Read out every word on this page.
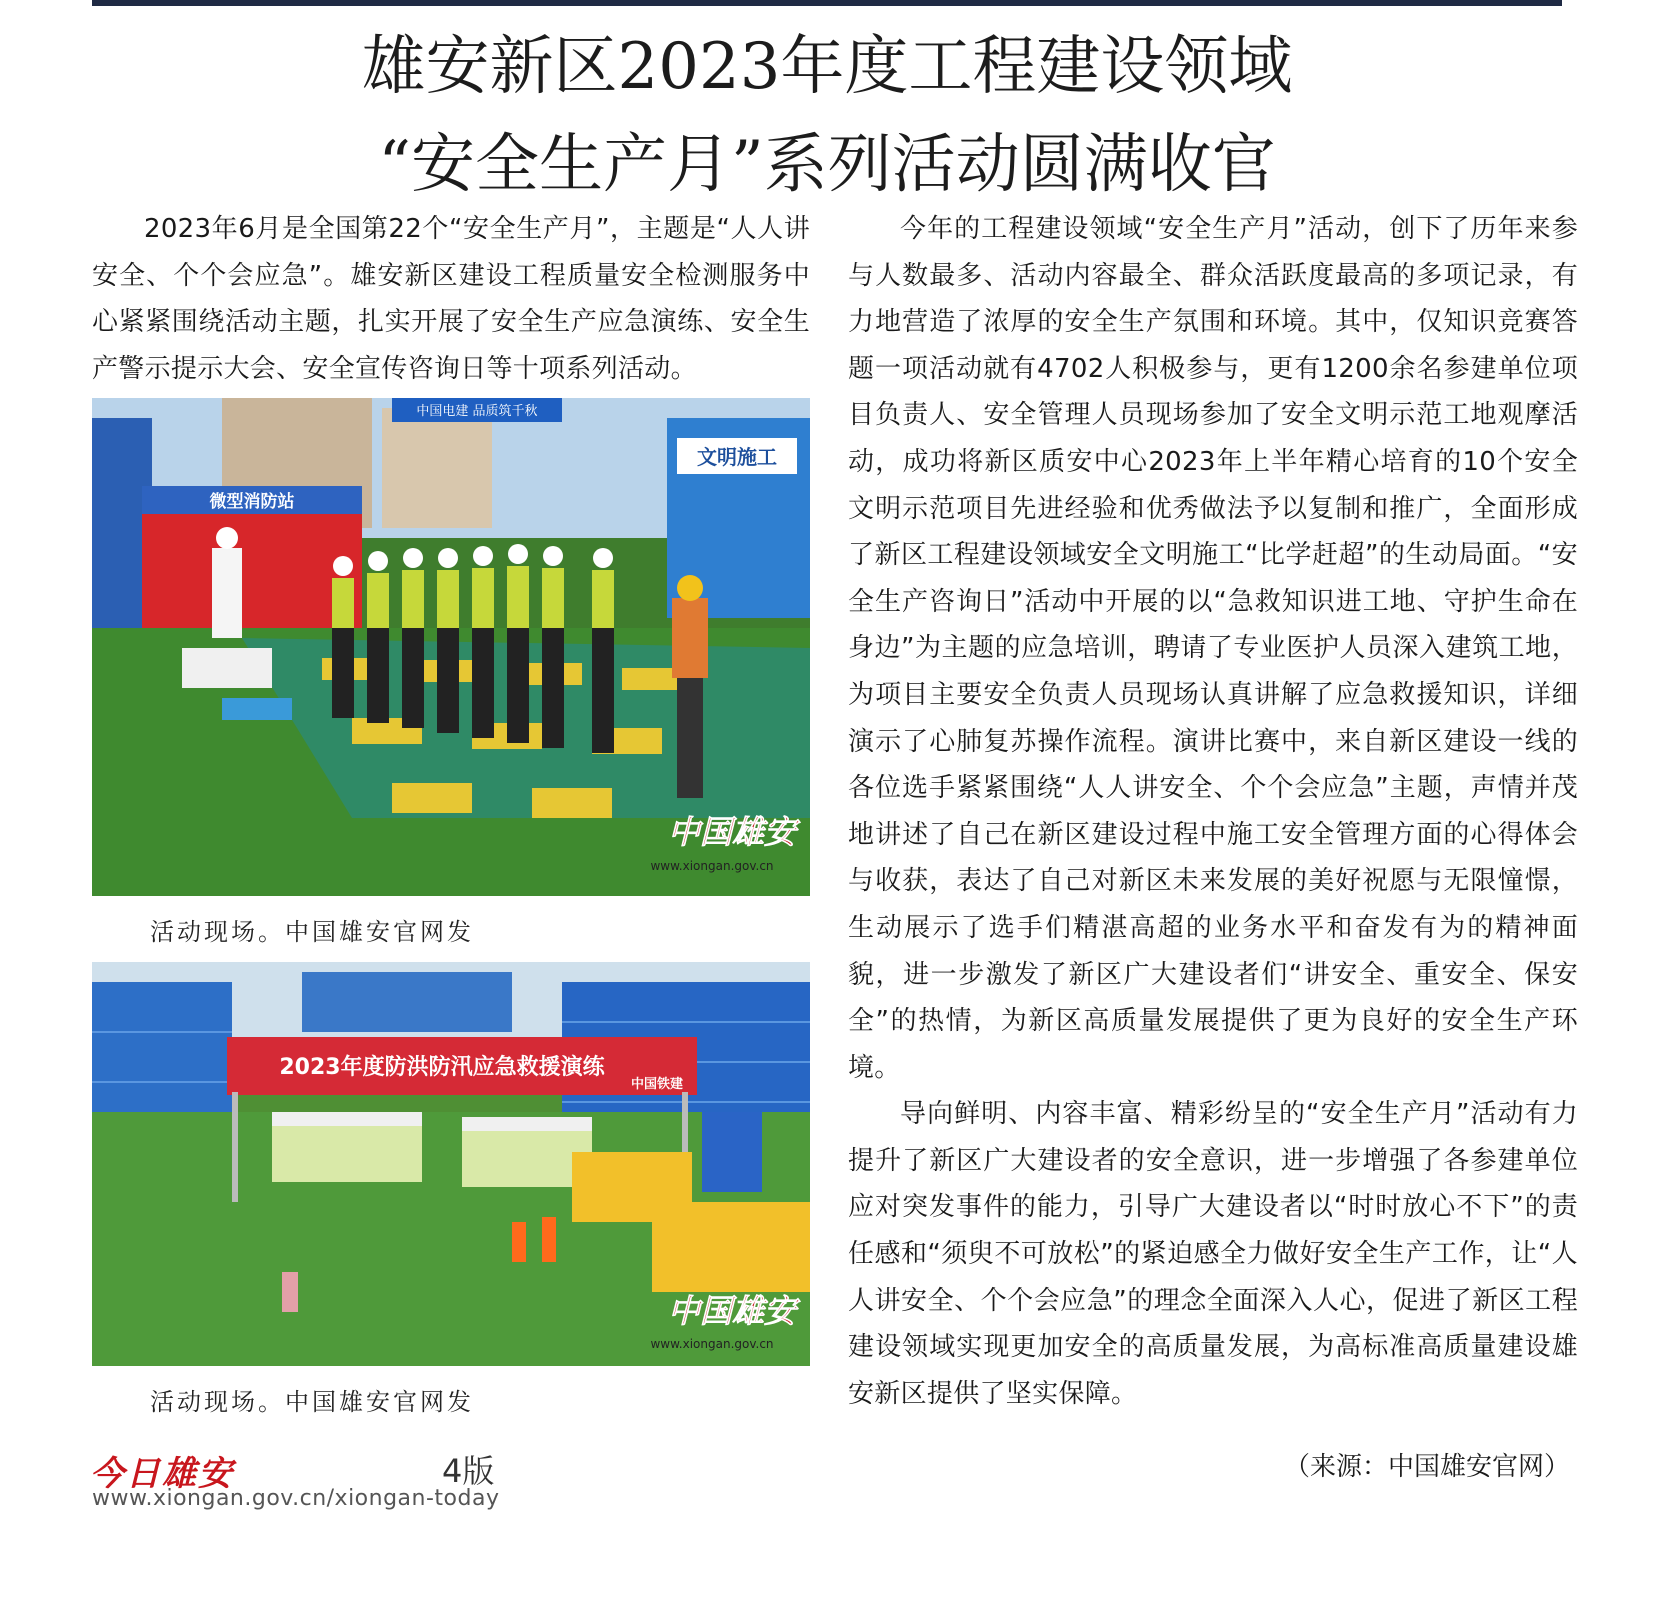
雄安新区2023年度工程建设领域
“安全生产月”系列活动圆满收官

2023年6月是全国第22个“安全生产月”，主题是“人人讲安全、个个会应急”。雄安新区建设工程质量安全检测服务中心紧紧围绕活动主题，扎实开展了安全生产应急演练、安全生产警示提示大会、安全宣传咨询日等十项系列活动。

中国电建 品质筑千秋
文明施工
微型消防站
中国雄安
www.xiongan.gov.cn
活动现场。中国雄安官网发
2023年度防洪防汛应急救援演练
中国铁建
中国雄安
www.xiongan.gov.cn
活动现场。中国雄安官网发

今年的工程建设领域“安全生产月”活动，创下了历年来参与人数最多、活动内容最全、群众活跃度最高的多项记录，有力地营造了浓厚的安全生产氛围和环境。其中，仅知识竞赛答题一项活动就有4702人积极参与，更有1200余名参建单位项目负责人、安全管理人员现场参加了安全文明示范工地观摩活动，成功将新区质安中心2023年上半年精心培育的10个安全文明示范项目先进经验和优秀做法予以复制和推广，全面形成了新区工程建设领域安全文明施工“比学赶超”的生动局面。“安全生产咨询日”活动中开展的以“急救知识进工地、守护生命在身边”为主题的应急培训，聘请了专业医护人员深入建筑工地，为项目主要安全负责人员现场认真讲解了应急救援知识，详细演示了心肺复苏操作流程。演讲比赛中，来自新区建设一线的各位选手紧紧围绕“人人讲安全、个个会应急”主题，声情并茂地讲述了自己在新区建设过程中施工安全管理方面的心得体会与收获，表达了自己对新区未来发展的美好祝愿与无限憧憬，生动展示了选手们精湛高超的业务水平和奋发有为的精神面貌，进一步激发了新区广大建设者们“讲安全、重安全、保安全”的热情，为新区高质量发展提供了更为良好的安全生产环境。

导向鲜明、内容丰富、精彩纷呈的“安全生产月”活动有力提升了新区广大建设者的安全意识，进一步增强了各参建单位应对突发事件的能力，引导广大建设者以“时时放心不下”的责任感和“须臾不可放松”的紧迫感全力做好安全生产工作，让“人人讲安全、个个会应急”的理念全面深入人心，促进了新区工程建设领域实现更加安全的高质量发展，为高标准高质量建设雄安新区提供了坚实保障。

（来源：中国雄安官网）
今日雄安	4版
www.xiongan.gov.cn/xiongan-today
